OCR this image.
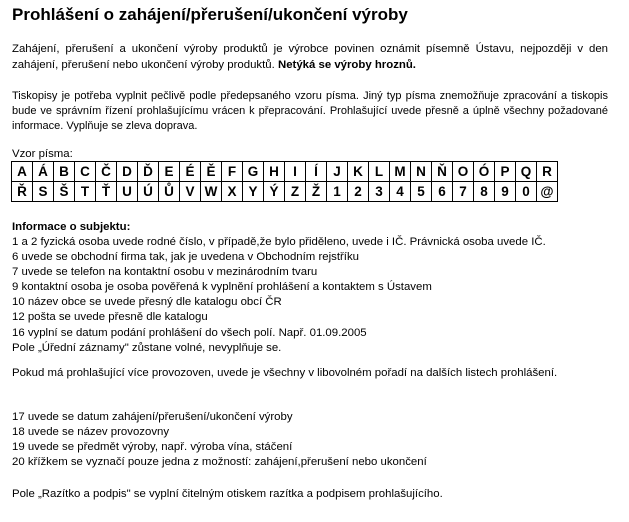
Prohlášení o zahájení/přerušení/ukončení výroby

Zahájení, přerušení a ukončení výroby produktů je výrobce povinen oznámit písemně Ústavu, nejpozději v den zahájení, přerušení nebo ukončení výroby produktů. Netýká se výroby hroznů.

Tiskopisy je potřeba vyplnit pečlivě podle předepsaného vzoru písma. Jiný typ písma znemožňuje zpracování a tiskopis bude ve správním řízení prohlašujícímu vrácen k přepracování. Prohlašující uvede přesně a úplně všechny požadované informace. Vyplňuje se zleva doprava.

Vzor písma:
A	Á	B	C	Č	D	Ď	E	É	Ě	F	G	H	I	Í	J	K	L	M	N	Ň	O	Ó	P	Q	R
Ř	S	Š	T	Ť	U	Ú	Ů	V	W	X	Y	Ý	Z	Ž	1	2	3	4	5	6	7	8	9	0	@
Informace o subjektu:
1 a 2 fyzická osoba uvede rodné číslo, v případě,že bylo přiděleno, uvede i IČ. Právnická osoba uvede IČ.
6 uvede se obchodní firma tak, jak je uvedena v Obchodním rejstříku
7 uvede se telefon na kontaktní osobu v mezinárodním tvaru
9 kontaktní osoba je osoba pověřená k vyplnění prohlášení a kontaktem s Ústavem
10 název obce se uvede přesný dle katalogu obcí ČR
12 pošta se uvede přesně dle katalogu
16 vyplní se datum podání prohlášení do všech polí. Např. 01.09.2005
Pole „Úřední záznamy" zůstane volné, nevyplňuje se.

Pokud má prohlašující více provozoven, uvede je všechny v libovolném pořadí na dalších listech prohlášení.

17 uvede se datum zahájení/přerušení/ukončení výroby
18 uvede se název provozovny
19 uvede se předmět výroby, např. výroba vína, stáčení
20 křížkem se vyznačí pouze jedna z možností: zahájení,přerušení nebo ukončení

Pole „Razítko a podpis" se vyplní čitelným otiskem razítka a podpisem prohlašujícího.
